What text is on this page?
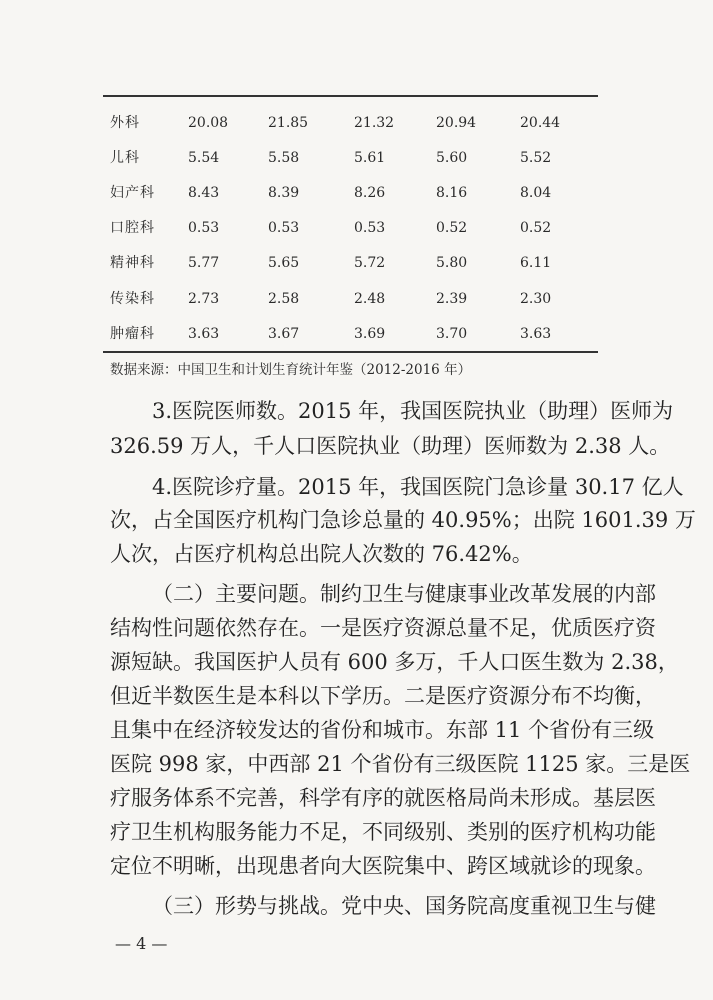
外科	20.08	21.85	21.32	20.94	20.44
儿科	5.54	5.58	5.61	5.60	5.52
妇产科 8.43	8.39	8.26	8.16	8.04
口腔科 0.53	0.53	0.53	0.52	0.52
精神科 5.77	5.65	5.72	5.80	6.11
传染科 2.73	2.58	2.48	2.39	2.30
肿瘤科 3.63	3.67	3.69	3.70	3.63
数据来源：中国卫生和计划生育统计年鉴（2012-2016 年）
3.医院医师数。2015 年，我国医院执业（助理）医师为
326.59 万人，千人口医院执业（助理）医师数为 2.38 人。
4.医院诊疗量。2015 年，我国医院门急诊量 30.17 亿人
次，占全国医疗机构门急诊总量的 40.95%；出院 1601.39 万
人次，占医疗机构总出院人次数的 76.42%。
（二）主要问题。制约卫生与健康事业改革发展的内部
结构性问题依然存在。一是医疗资源总量不足，优质医疗资
源短缺。我国医护人员有 600 多万，千人口医生数为 2.38，
但近半数医生是本科以下学历。二是医疗资源分布不均衡，
且集中在经济较发达的省份和城市。东部 11 个省份有三级
医院 998 家，中西部 21 个省份有三级医院 1125 家。三是医
疗服务体系不完善，科学有序的就医格局尚未形成。基层医
疗卫生机构服务能力不足，不同级别、类别的医疗机构功能
定位不明晰，出现患者向大医院集中、跨区域就诊的现象。
（三）形势与挑战。党中央、国务院高度重视卫生与健
— 4 —
